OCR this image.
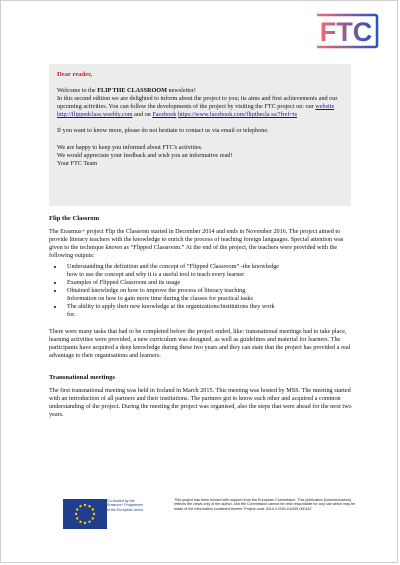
FTC

Dear reader,

Welcome to the FLIP THE CLASSROOM newsletter!

In this second edition we are delighted to inform about the project to you; its aims and first achievements and our upcoming activities. You can follow the developments of the project by visiting the FTC project on: our website http://flippedclass.weebly.com and on Facebook https://www.facebook.com/flipthecla ss/?fref=ts

If you want to know more, please do not hesitate to contact us via email or telephone.

We are happy to keep you informed about FTC's activities.

We would appreciate your feedback and wish you an informative read!

Your FTC Team

Flip the Classrom

The Erasmus+ project Flip the Classrom started in December 2014 and ends in November 2016. The project aimed to provide literacy teachers with the knowledge to enrich the process of teaching foreign languages. Special attention was given to the technique known as “Flipped Classroom.” At the end of the project, the teachers were provided with the following outputs:

• Understanding the definition and the concept of “Flipped Classroom” -the knowledge
how to use the concept and why it is a useful tool to teach every learner
• Examples of Flipped Classroom and its usage
• Obtained knowledge on how to improve the process of literacy teaching
Information on how to gain more time during the classes for practical tasks
• The ability to apply their new knowledge at the organizations/institutions they work
for.

There were many tasks that had to be completed before the project ended, like: transnational meetings had to take place, learning activities were provided, a new curriculum was designed, as well as guidelines and material for learners. The participants have acquired a deep knowledge during these two years and they can state that the project has provided a real advantage to their organisations and learners.

Transnational meetings

The first transnational meeting was held in Iceland in March 2015. This meeting was hosted by MSS. The meeting started with an introduction of all partners and their institutions. The partners got to know each other and acquired a common understanding of the project. During the meeting the project was organised, also the steps that were ahead for the next two years.

Co-funded by the
Erasmus+ Programme
of the European Union
This project has been funded with support from the European Commission. This publication [communication] reflects the views only of the author, and the Commission cannot be held responsible for any use which may be made of the information contained therein. Project code 2014-1-IS01-KA200-000167
